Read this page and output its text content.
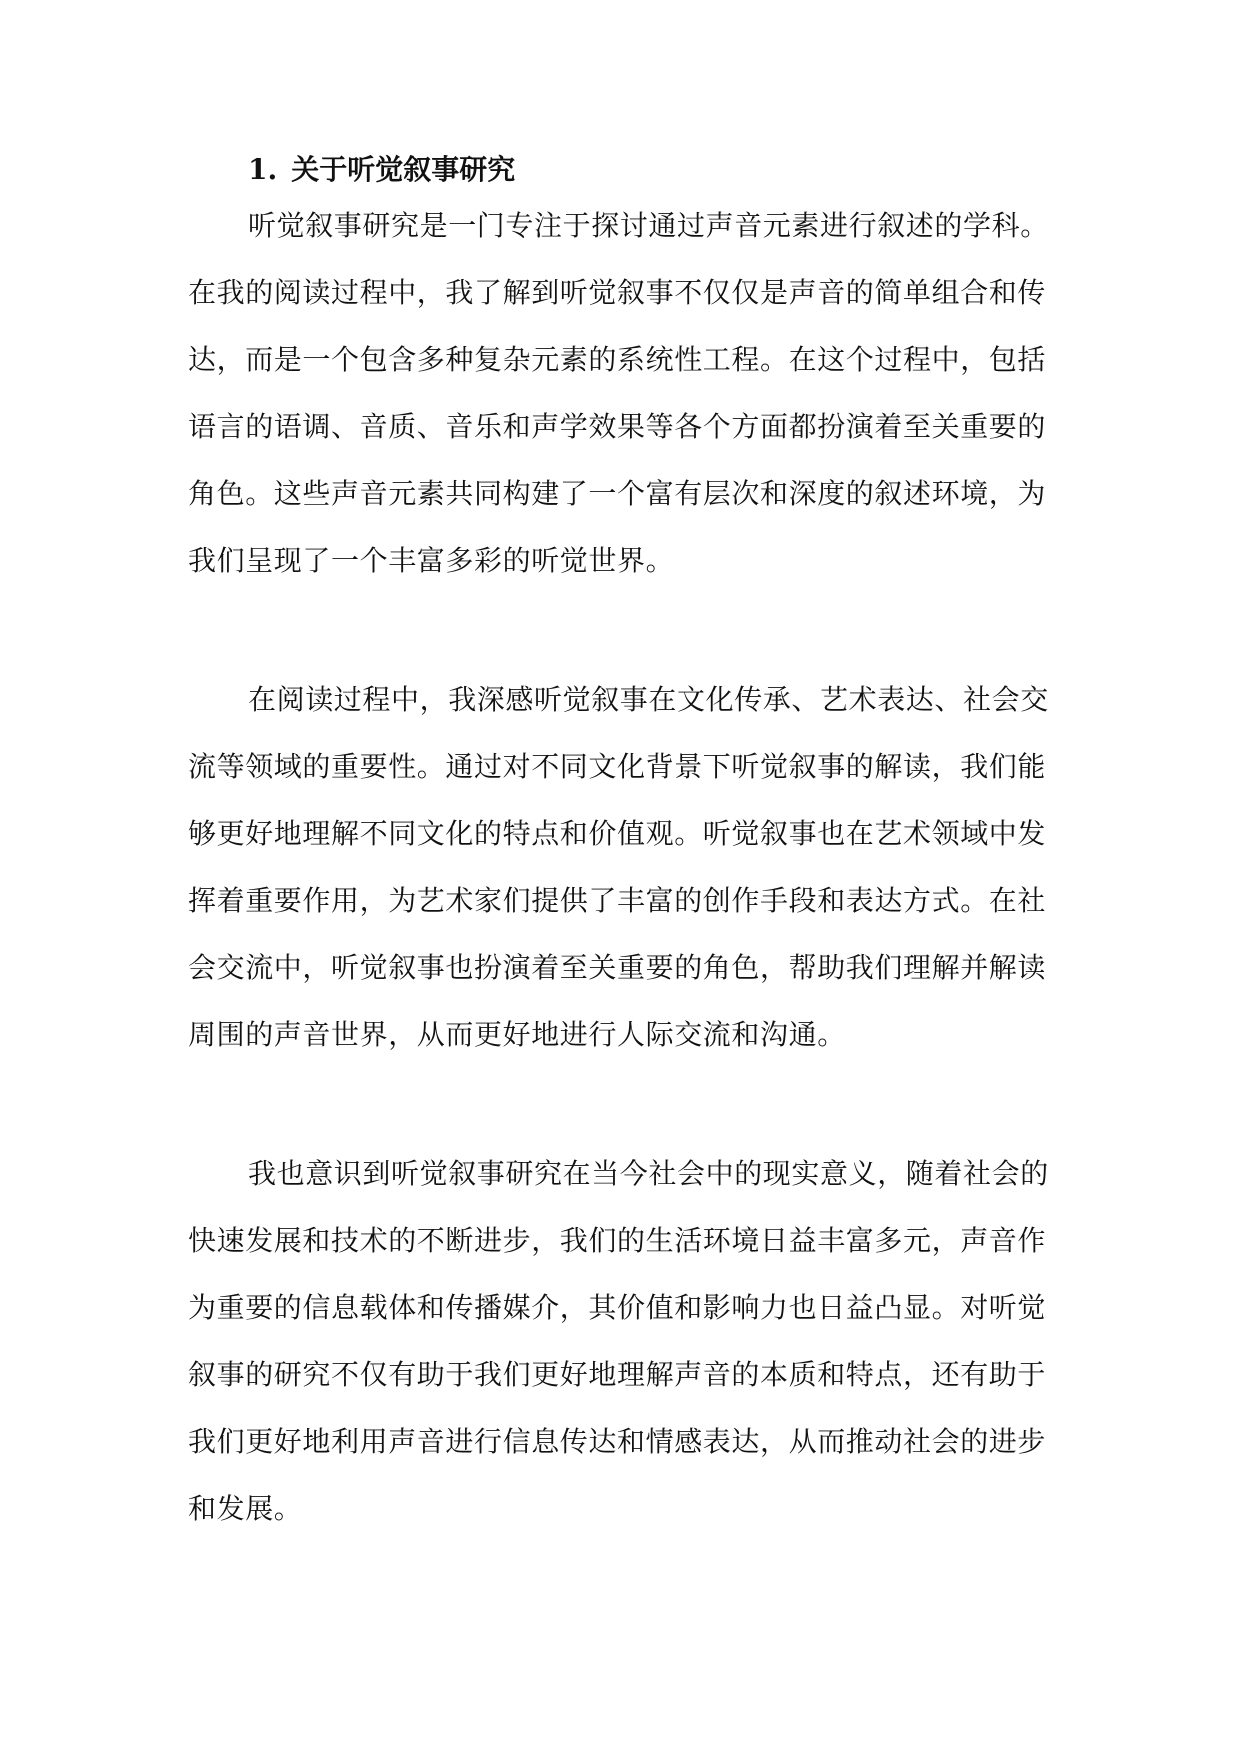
1. 关于听觉叙事研究
听觉叙事研究是一门专注于探讨通过声音元素进行叙述的学科。
在我的阅读过程中，我了解到听觉叙事不仅仅是声音的简单组合和传
达，而是一个包含多种复杂元素的系统性工程。在这个过程中，包括
语言的语调、音质、音乐和声学效果等各个方面都扮演着至关重要的
角色。这些声音元素共同构建了一个富有层次和深度的叙述环境，为
我们呈现了一个丰富多彩的听觉世界。
在阅读过程中，我深感听觉叙事在文化传承、艺术表达、社会交
流等领域的重要性。通过对不同文化背景下听觉叙事的解读，我们能
够更好地理解不同文化的特点和价值观。听觉叙事也在艺术领域中发
挥着重要作用，为艺术家们提供了丰富的创作手段和表达方式。在社
会交流中，听觉叙事也扮演着至关重要的角色，帮助我们理解并解读
周围的声音世界，从而更好地进行人际交流和沟通。
我也意识到听觉叙事研究在当今社会中的现实意义，随着社会的
快速发展和技术的不断进步，我们的生活环境日益丰富多元，声音作
为重要的信息载体和传播媒介，其价值和影响力也日益凸显。对听觉
叙事的研究不仅有助于我们更好地理解声音的本质和特点，还有助于
我们更好地利用声音进行信息传达和情感表达，从而推动社会的进步
和发展。
